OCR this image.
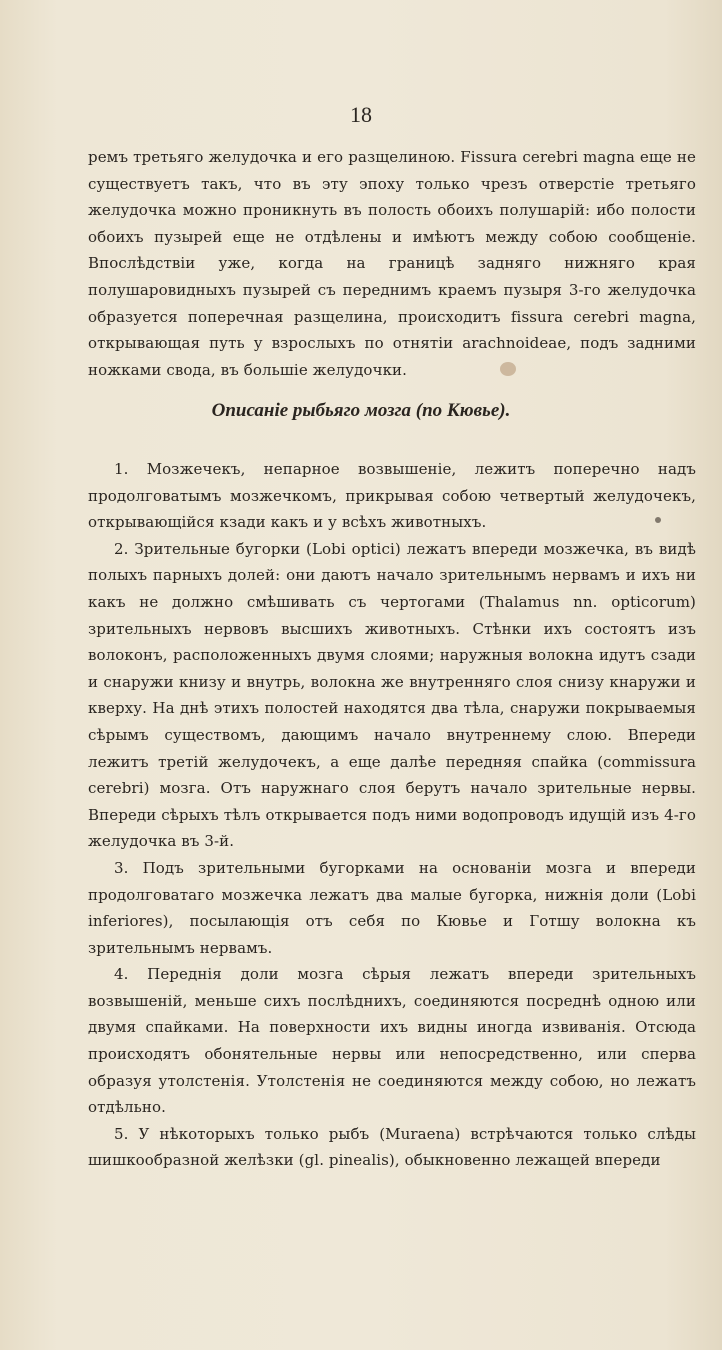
18

ремъ третьяго желудочка и его разщелиною. Fissura cerebri magna еще не существуетъ такъ, что въ эту эпоху только чрезъ отверстіе третьяго желудочка можно проникнуть въ полость обоихъ полушарій: ибо полости обоихъ пузырей еще не отдѣлены и имѣютъ между собою сообщеніе. Впослѣдствіи уже, когда на границѣ задняго нижняго края полушаровидныхъ пузырей съ переднимъ краемъ пузыря 3-го желудочка образуется поперечная разщелина, происходитъ fissura cerebri magna, открывающая путь у взрослыхъ по отнятіи arachnoideae, подъ задними ножками свода, въ большіе желудочки.

Описаніе рыбьяго мозга (по Кювье).

1. Мозжечекъ, непарное возвышеніе, лежитъ поперечно надъ продолговатымъ мозжечкомъ, прикрывая собою четвертый желудочекъ, открывающійся кзади какъ и у всѣхъ животныхъ.

2. Зрительные бугорки (Lobi optici) лежатъ впереди мозжечка, въ видѣ полыхъ парныхъ долей: они даютъ начало зрительнымъ нервамъ и ихъ ни какъ не должно смѣшивать съ чертогами (Thalamus nn. opticorum) зрительныхъ нервовъ высшихъ животныхъ. Стѣнки ихъ состоятъ изъ волоконъ, расположенныхъ двумя слоями; наружныя волокна идутъ сзади и снаружи книзу и внутрь, волокна же внутренняго слоя снизу кнаружи и кверху. На днѣ этихъ полостей находятся два тѣла, снаружи покрываемыя сѣрымъ существомъ, дающимъ начало внутреннему слою. Впереди лежитъ третій желудочекъ, а еще далѣе передняя спайка (commissura cerebri) мозга. Отъ наружнаго слоя берутъ начало зрительные нервы. Впереди сѣрыхъ тѣлъ открывается подъ ними водопроводъ идущій изъ 4-го желудочка въ 3-й.

3. Подъ зрительными бугорками на основаніи мозга и впереди продолговатаго мозжечка лежатъ два малые бугорка, нижнія доли (Lobi inferiores), посылающія отъ себя по Кювье и Готшу волокна къ зрительнымъ нервамъ.

4. Переднія доли мозга сѣрыя лежатъ впереди зрительныхъ возвышеній, меньше сихъ послѣднихъ, соединяются посреднѣ одною или двумя спайками. На поверхности ихъ видны иногда извиванія. Отсюда происходятъ обонятельные нервы или непосредственно, или сперва образуя утолстенія. Утолстенія не соединяются между собою, но лежатъ отдѣльно.

5. У нѣкоторыхъ только рыбъ (Muraena) встрѣчаются только слѣды шишкообразной желѣзки (gl. pinealis), обыкновенно лежащей впереди
